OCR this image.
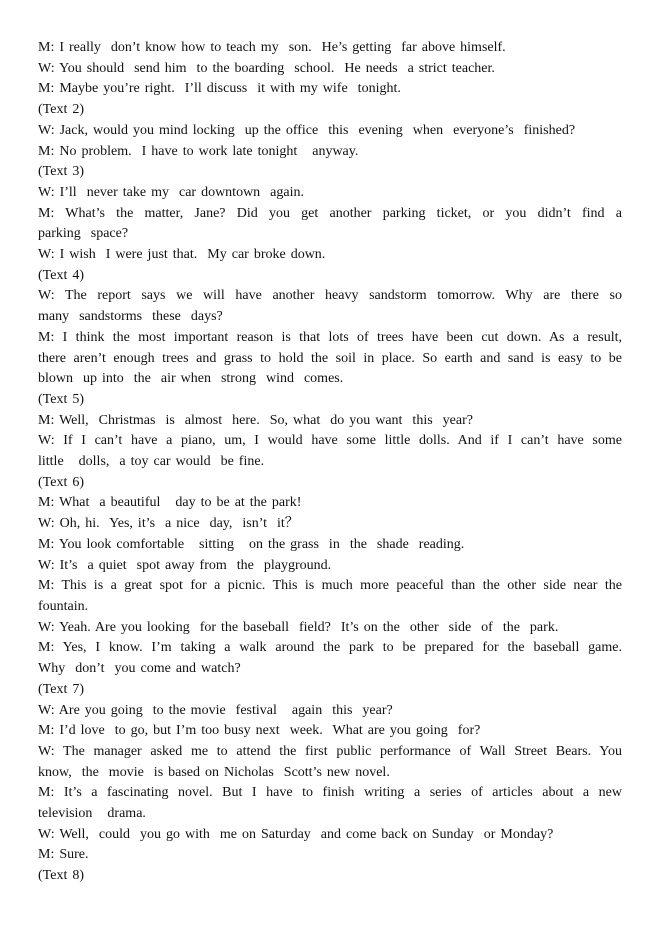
M: I really  don’t know how to teach my  son.  He’s getting  far above himself.
W: You should  send him  to the boarding  school.  He needs  a strict teacher.
M: Maybe you’re right.  I’ll discuss  it with my wife  tonight.
(Text 2)
W: Jack, would you mind locking  up the office  this  evening  when  everyone’s  finished?
M: No problem.  I have to work late tonight   anyway.
(Text 3)
W: I’ll  never take my  car downtown  again.
M: What’s the matter, Jane? Did you get another parking ticket, or you didn’t find a
parking  space?
W: I wish  I were just that.  My car broke down.
(Text 4)
W: The report says we will have another heavy sandstorm tomorrow. Why are there so
many  sandstorms  these  days?
M: I think the most important reason is that lots of trees have been cut down. As a result,
there aren’t enough trees and grass to hold the soil in place. So earth and sand is easy to be
blown  up into  the  air when  strong  wind  comes.
(Text 5)
M: Well,  Christmas  is  almost  here.  So, what  do you want  this  year?
W: If I can’t have a piano, um, I would have some little dolls. And if I can’t have some
little   dolls,  a toy car would  be fine.
(Text 6)
M: What  a beautiful   day to be at the park!
W: Oh, hi.  Yes, it’s  a nice  day,  isn’t  it？
M: You look comfortable   sitting   on the grass  in  the  shade  reading.
W: It’s  a quiet  spot away from  the  playground.
M: This is a great spot for a picnic. This is much more peaceful than the other side near the
fountain.
W: Yeah. Are you looking  for the baseball  field?  It’s on the  other  side  of  the  park.
M: Yes, I know. I’m taking a walk around the park to be prepared for the baseball game.
Why  don’t  you come and watch?
(Text 7)
W: Are you going  to the movie  festival   again  this  year?
M: I’d love  to go, but I’m too busy next  week.  What are you going  for?
W: The manager asked me to attend the first public performance of Wall Street Bears. You
know,  the  movie  is based on Nicholas  Scott’s new novel.
M: It’s a fascinating novel. But I have to finish writing a series of articles about a new
television   drama.
W: Well,  could  you go with  me on Saturday  and come back on Sunday  or Monday?
M: Sure.
(Text 8)
